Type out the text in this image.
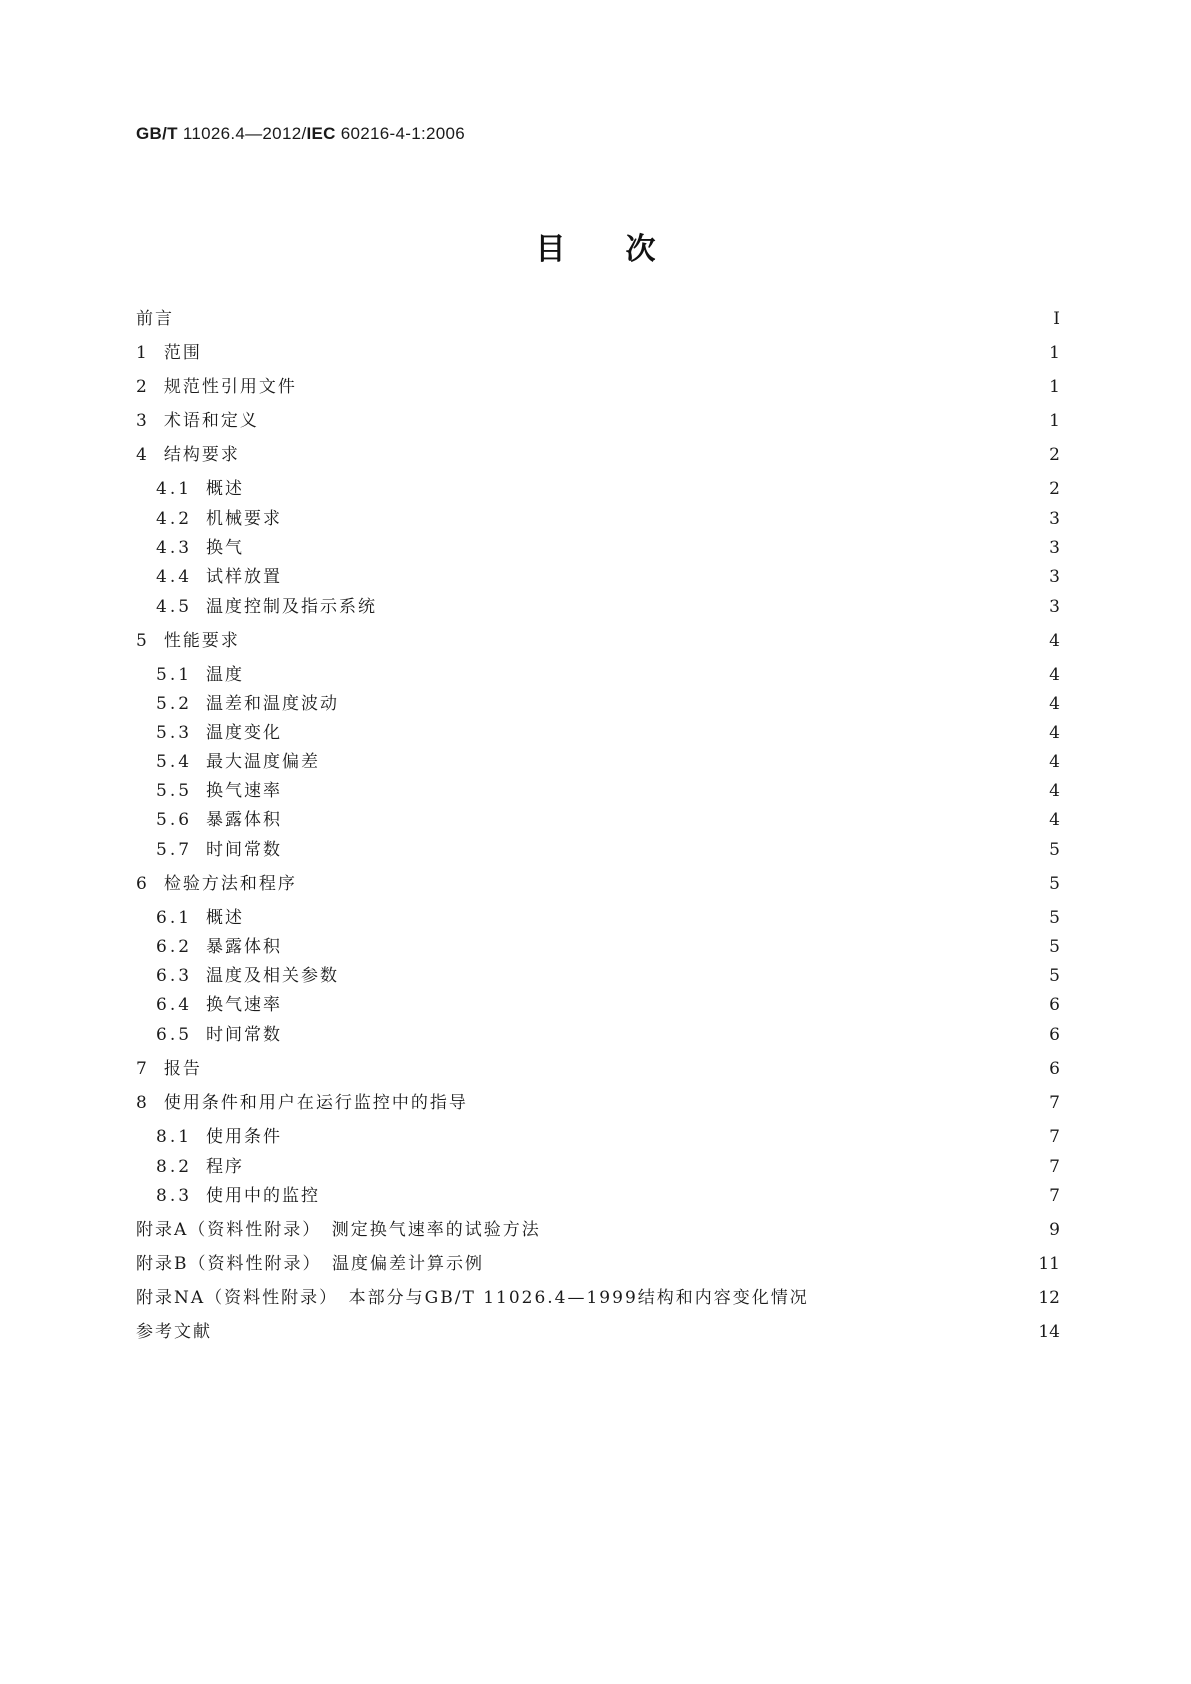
GB/T 11026.4—2012/IEC 60216-4-1:2006
目次
前言	Ⅰ
1 范围	1
2 规范性引用文件	1
3 术语和定义	1
4 结构要求	2
4.1 概述	2
4.2 机械要求	3
4.3 换气	3
4.4 试样放置	3
4.5 温度控制及指示系统	3
5 性能要求	4
5.1 温度	4
5.2 温差和温度波动	4
5.3 温度变化	4
5.4 最大温度偏差	4
5.5 换气速率	4
5.6 暴露体积	4
5.7 时间常数	5
6 检验方法和程序	5
6.1 概述	5
6.2 暴露体积	5
6.3 温度及相关参数	5
6.4 换气速率	6
6.5 时间常数	6
7 报告	6
8 使用条件和用户在运行监控中的指导	7
8.1 使用条件	7
8.2 程序	7
8.3 使用中的监控	7
附录A（资料性附录）　测定换气速率的试验方法	9
附录B（资料性附录）　温度偏差计算示例	11
附录NA（资料性附录）　本部分与GB/T 11026.4—1999结构和内容变化情况	12
参考文献	14
